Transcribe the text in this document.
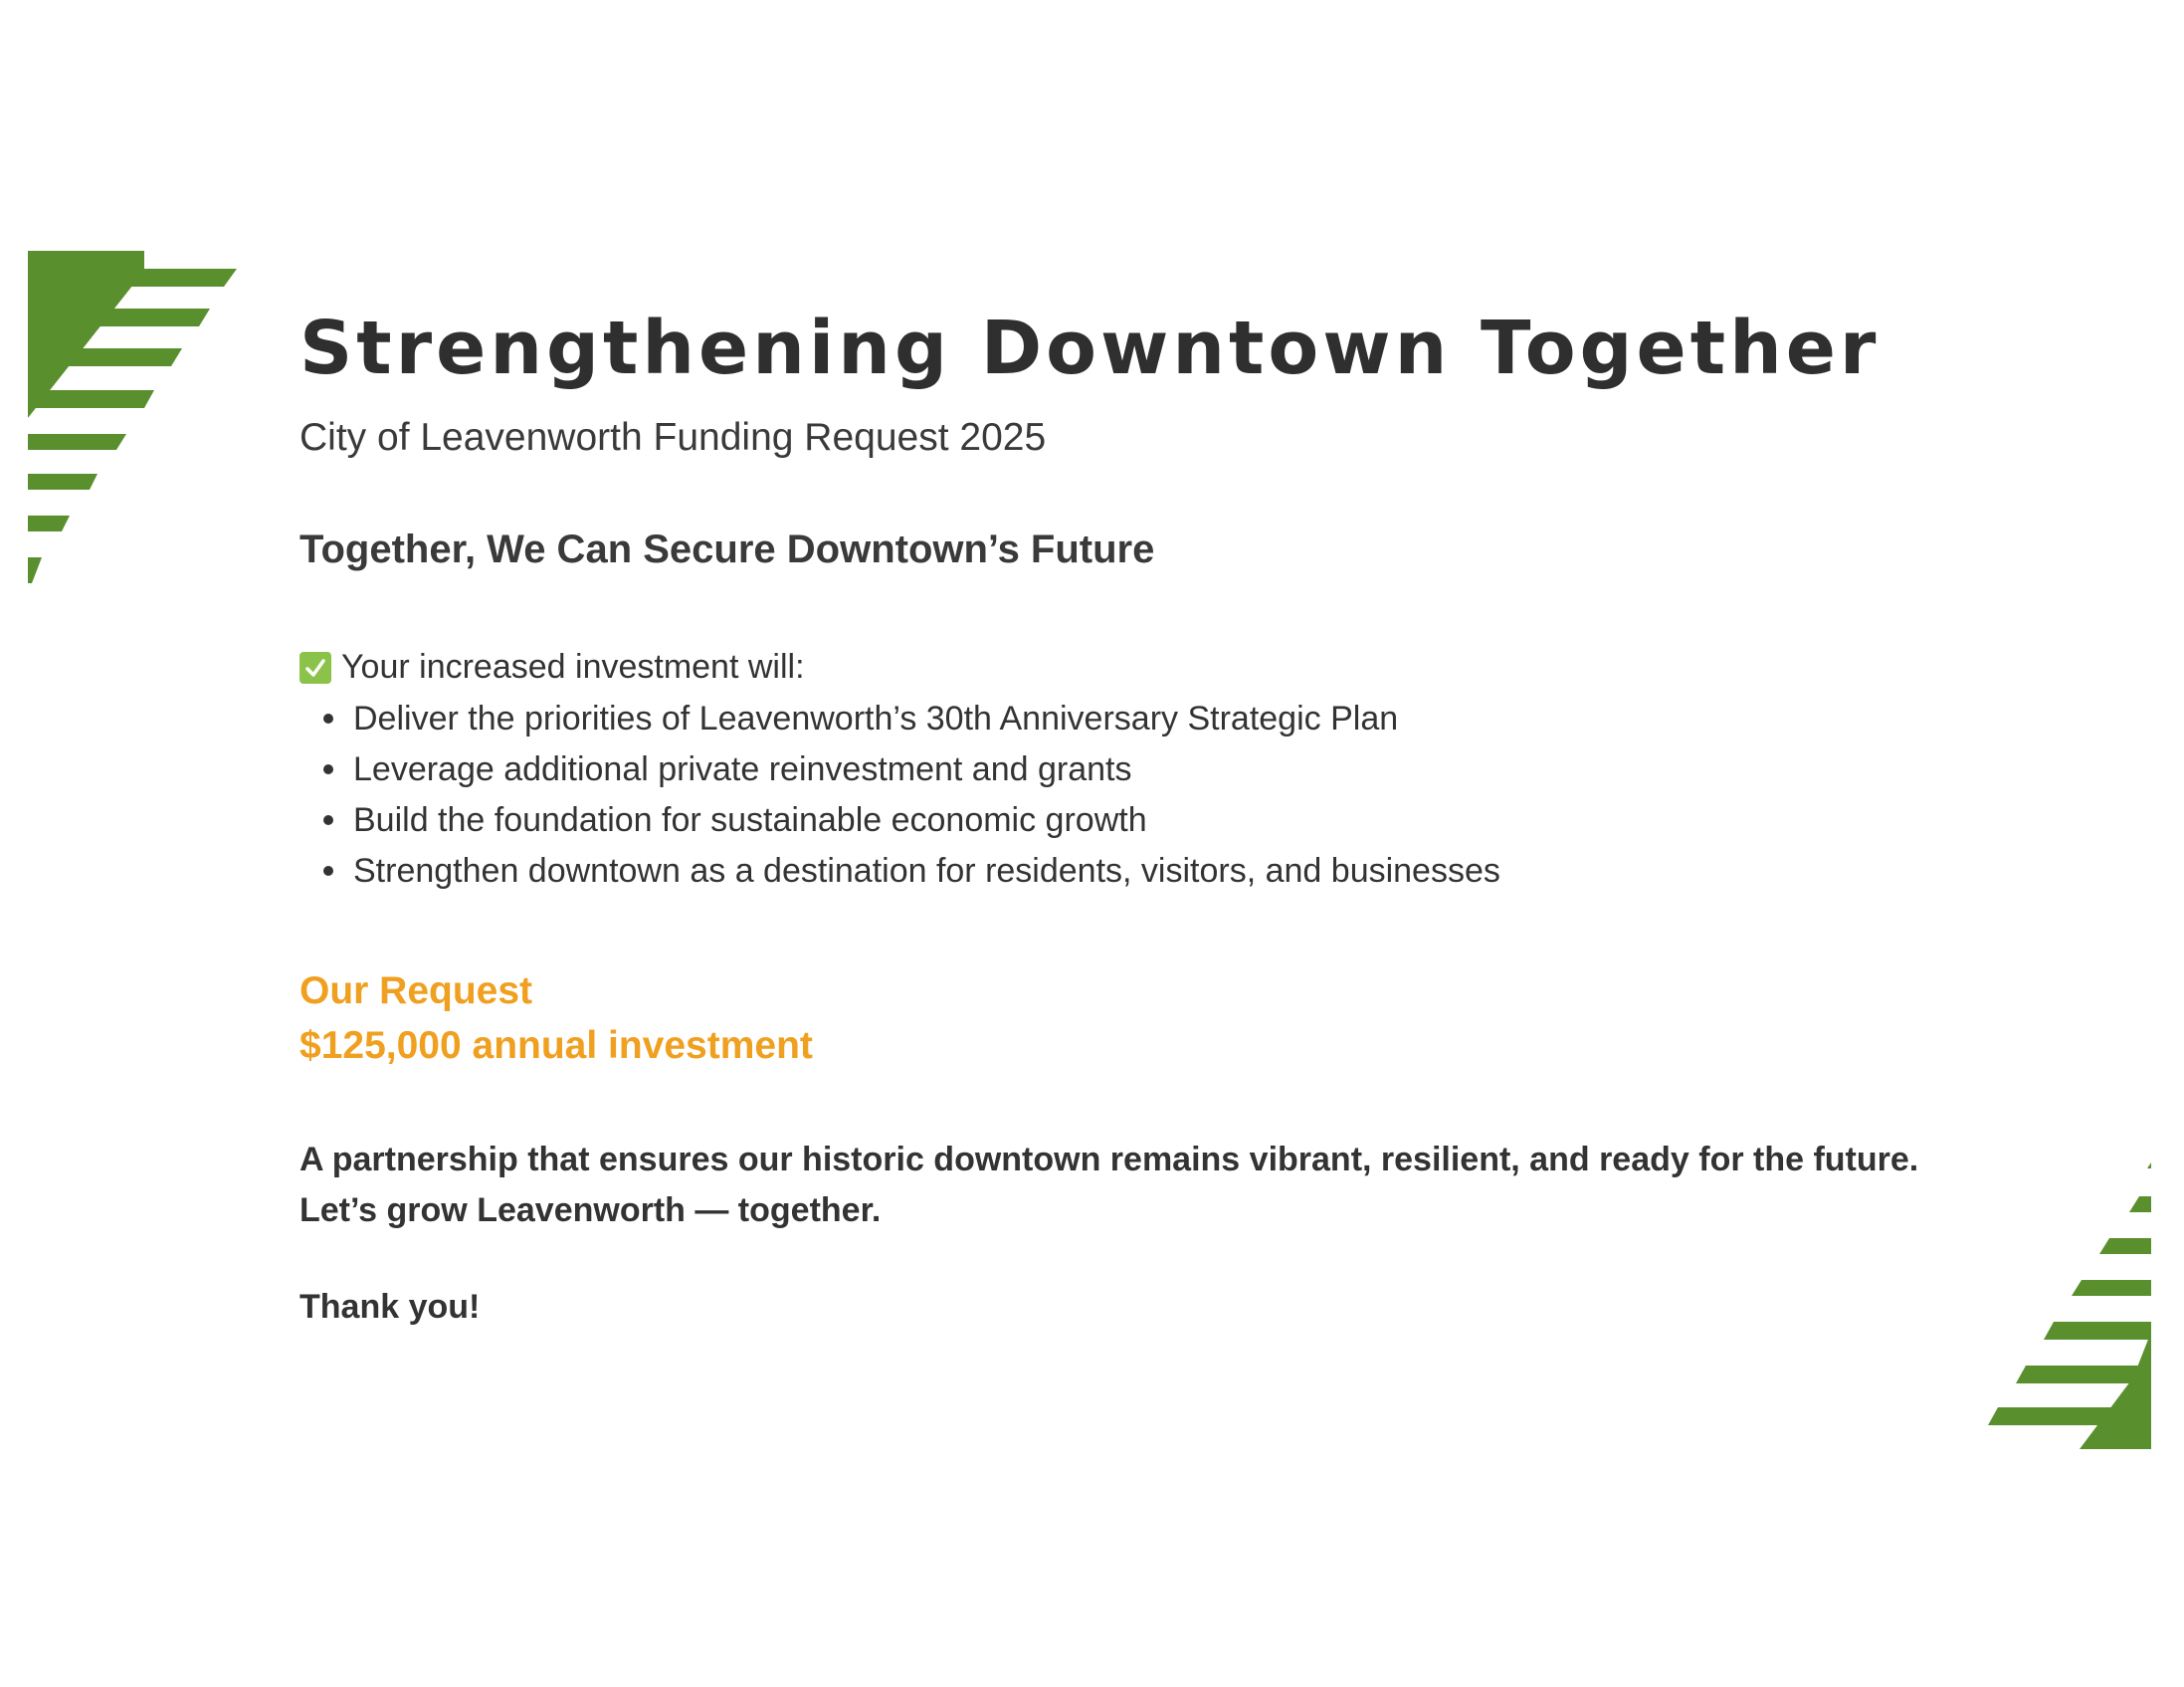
Strengthening Downtown Together

City of Leavenworth Funding Request 2025

Together, We Can Secure Downtown’s Future
Your increased investment will:
Deliver the priorities of Leavenworth’s 30th Anniversary Strategic Plan
Leverage additional private reinvestment and grants
Build the foundation for sustainable economic growth
Strengthen downtown as a destination for residents, visitors, and businesses

Our Request

$125,000 annual investment

A partnership that ensures our historic downtown remains vibrant, resilient, and ready for the future.
Let’s grow Leavenworth — together.
Thank you!
